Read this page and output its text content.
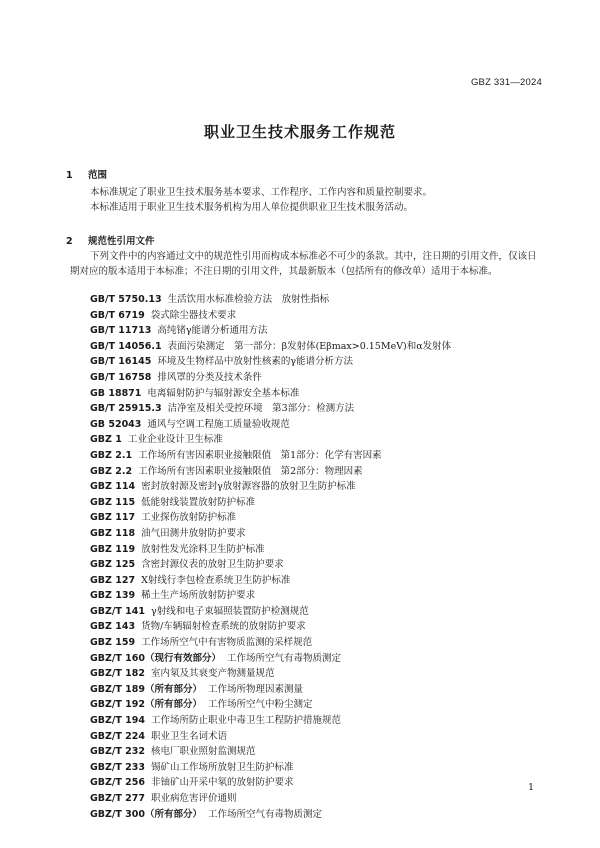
GBZ 331—2024
职业卫生技术服务工作规范
1 范围
本标准规定了职业卫生技术服务基本要求、工作程序、工作内容和质量控制要求。
本标准适用于职业卫生技术服务机构为用人单位提供职业卫生技术服务活动。
2 规范性引用文件
下列文件中的内容通过文中的规范性引用而构成本标准必不可少的条款。其中，注日期的引用文件，仅该日期对应的版本适用于本标准；不注日期的引用文件，其最新版本（包括所有的修改单）适用于本标准。
GB/T 5750.13 生活饮用水标准检验方法　放射性指标
GB/T 6719 袋式除尘器技术要求
GB/T 11713 高纯锗γ能谱分析通用方法
GB/T 14056.1 表面污染测定　第一部分：β发射体(Eβmax>0.15MeV)和α发射体
GB/T 16145 环境及生物样品中放射性核素的γ能谱分析方法
GB/T 16758 排风罩的分类及技术条件
GB 18871 电离辐射防护与辐射源安全基本标准
GB/T 25915.3 洁净室及相关受控环境　第3部分：检测方法
GB 52043 通风与空调工程施工质量验收规范
GBZ 1 工业企业设计卫生标准
GBZ 2.1 工作场所有害因素职业接触限值　第1部分：化学有害因素
GBZ 2.2 工作场所有害因素职业接触限值　第2部分：物理因素
GBZ 114 密封放射源及密封γ放射源容器的放射卫生防护标准
GBZ 115 低能射线装置放射防护标准
GBZ 117 工业探伤放射防护标准
GBZ 118 油气田测井放射防护要求
GBZ 119 放射性发光涂料卫生防护标准
GBZ 125 含密封源仪表的放射卫生防护要求
GBZ 127 X射线行李包检查系统卫生防护标准
GBZ 139 稀土生产场所放射防护要求
GBZ/T 141 γ射线和电子束辐照装置防护检测规范
GBZ 143 货物/车辆辐射检查系统的放射防护要求
GBZ 159 工作场所空气中有害物质监测的采样规范
GBZ/T 160（现行有效部分） 工作场所空气有毒物质测定
GBZ/T 182 室内氡及其衰变产物测量规范
GBZ/T 189（所有部分） 工作场所物理因素测量
GBZ/T 192（所有部分） 工作场所空气中粉尘测定
GBZ/T 194 工作场所防止职业中毒卫生工程防护措施规范
GBZ/T 224 职业卫生名词术语
GBZ/T 232 核电厂职业照射监测规范
GBZ/T 233 锡矿山工作场所放射卫生防护标准
GBZ/T 256 非铀矿山开采中氡的放射防护要求
GBZ/T 277 职业病危害评价通则
GBZ/T 300（所有部分） 工作场所空气有毒物质测定
1
